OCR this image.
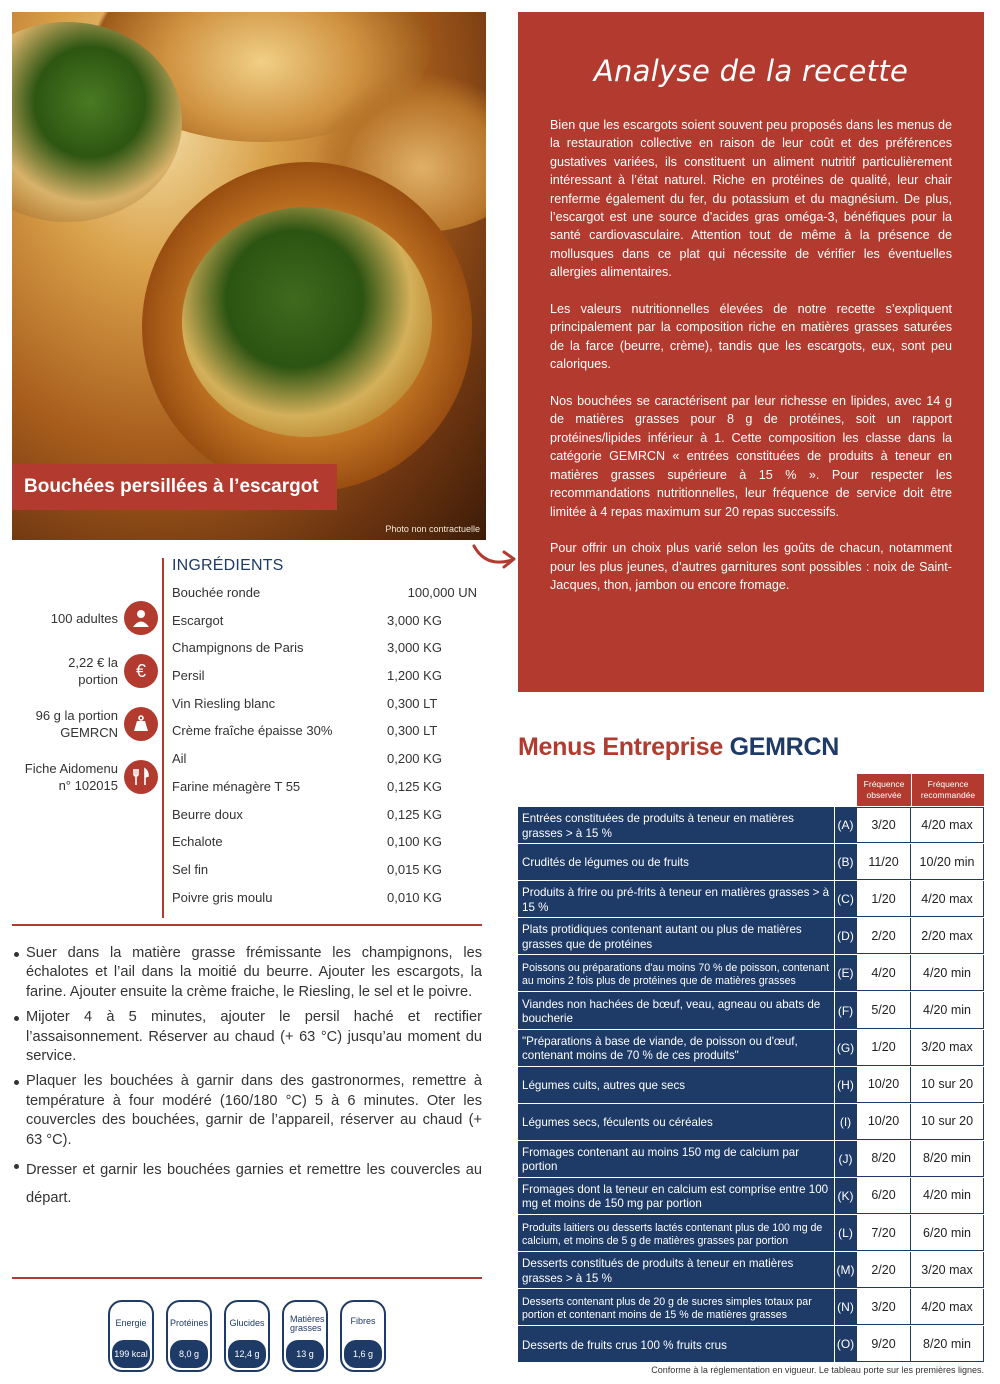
Bouchées persillées à l’escargot
Photo non contractuelle
Analyse de la recette

Bien que les escargots soient souvent peu proposés dans les menus de la restauration collective en raison de leur coût et des préférences gustatives variées, ils constituent un aliment nutritif particulièrement intéressant à l’état naturel. Riche en protéines de qualité, leur chair renferme également du fer, du potassium et du magnésium. De plus, l’escargot est une source d’acides gras oméga-3, bénéfiques pour la santé cardiovasculaire. Attention tout de même à la présence de mollusques dans ce plat qui nécessite de vérifier les éventuelles allergies alimentaires.

Les valeurs nutritionnelles élevées de notre recette s’expliquent principalement par la composition riche en matières grasses saturées de la farce (beurre, crème), tandis que les escargots, eux, sont peu caloriques.

Nos bouchées se caractérisent par leur richesse en lipides, avec 14 g de matières grasses pour 8 g de protéines, soit un rapport protéines/lipides inférieur à 1. Cette composition les classe dans la catégorie GEMRCN « entrées constituées de produits à teneur en matières grasses supérieure à 15 % ». Pour respecter les recommandations nutritionnelles, leur fréquence de service doit être limitée à 4 repas maximum sur 20 repas successifs.

Pour offrir un choix plus varié selon les goûts de chacun, notamment pour les plus jeunes, d’autres garnitures sont possibles : noix de Saint-Jacques, thon, jambon ou encore fromage.

100 adultes
2,22 € la
portion €
96 g la portion
GEMRCN
Fiche Aidomenu
n° 102015
INGRÉDIENTS
Bouchée ronde	100,000 UN
Escargot	3,000 KG
Champignons de Paris	3,000 KG
Persil	1,200 KG
Vin Riesling blanc	0,300 LT
Crème fraîche épaisse 30%	0,300 LT
Ail	0,200 KG
Farine ménagère T 55	0,125 KG
Beurre doux	0,125 KG
Echalote	0,100 KG
Sel fin	0,015 KG
Poivre gris moulu	0,010 KG
Suer dans la matière grasse frémissante les champignons, les échalotes et l’ail dans la moitié du beurre. Ajouter les escargots, la farine. Ajouter ensuite la crème fraiche, le Riesling, le sel et le poivre.
Mijoter 4 à 5 minutes, ajouter le persil haché et rectifier l’assaisonnement. Réserver au chaud (+ 63 °C) jusqu’au moment du service.
Plaquer les bouchées à garnir dans des gastronormes, remettre à température à four modéré (160/180 °C) 5 à 6 minutes. Oter les couvercles des bouchées, garnir de l’appareil, réserver au chaud (+ 63 °C).
Dresser et garnir les bouchées garnies et remettre les couvercles au départ.
Energie
199 kcal
Protéines
8,0 g
Glucides
12,4 g
Matières grasses
13 g
Fibres
1,6 g
Menus Entreprise GEMRCN
Fréquence observée
Fréquence recommandée
Entrées constituées de produits à teneur en matières grasses > à 15 %
(A)	3/20	4/20 max
Crudités de légumes ou de fruits	(B)	11/20	10/20 min
Produits à frire ou pré-frits à teneur en matières grasses > à 15 %
(C)	1/20	4/20 max
Plats protidiques contenant autant ou plus de matières grasses que de protéines
(D)	2/20	2/20 max
Poissons ou préparations d'au moins 70 % de poisson, contenant au moins 2 fois plus de protéines que de matières grasses
(E)	4/20	4/20 min
Viandes non hachées de bœuf, veau, agneau ou abats de boucherie
(F)	5/20	4/20 min
"Préparations à base de viande, de poisson ou d'œuf, contenant moins de 70 % de ces produits"
(G)	1/20	3/20 max
Légumes cuits, autres que secs	(H)	10/20	10 sur 20
Légumes secs, féculents ou céréales	(I)	10/20	10 sur 20
Fromages contenant au moins 150 mg de calcium par portion
(J)	8/20	8/20 min
Fromages dont la teneur en calcium est comprise entre 100 mg et moins de 150 mg par portion
(K)	6/20	4/20 min
Produits laitiers ou desserts lactés contenant plus de 100 mg de calcium, et moins de 5 g de matières grasses par portion
(L)	7/20	6/20 min
Desserts constitués de produits à teneur en matières grasses > à 15 %
(M)	2/20	3/20 max
Desserts contenant plus de 20 g de sucres simples totaux par portion et contenant moins de 15 % de matières grasses
(N)	3/20	4/20 max
Desserts de fruits crus 100 % fruits crus	(O)	9/20	8/20 min
Conforme à la réglementation en vigueur. Le tableau porte sur les premières lignes.
